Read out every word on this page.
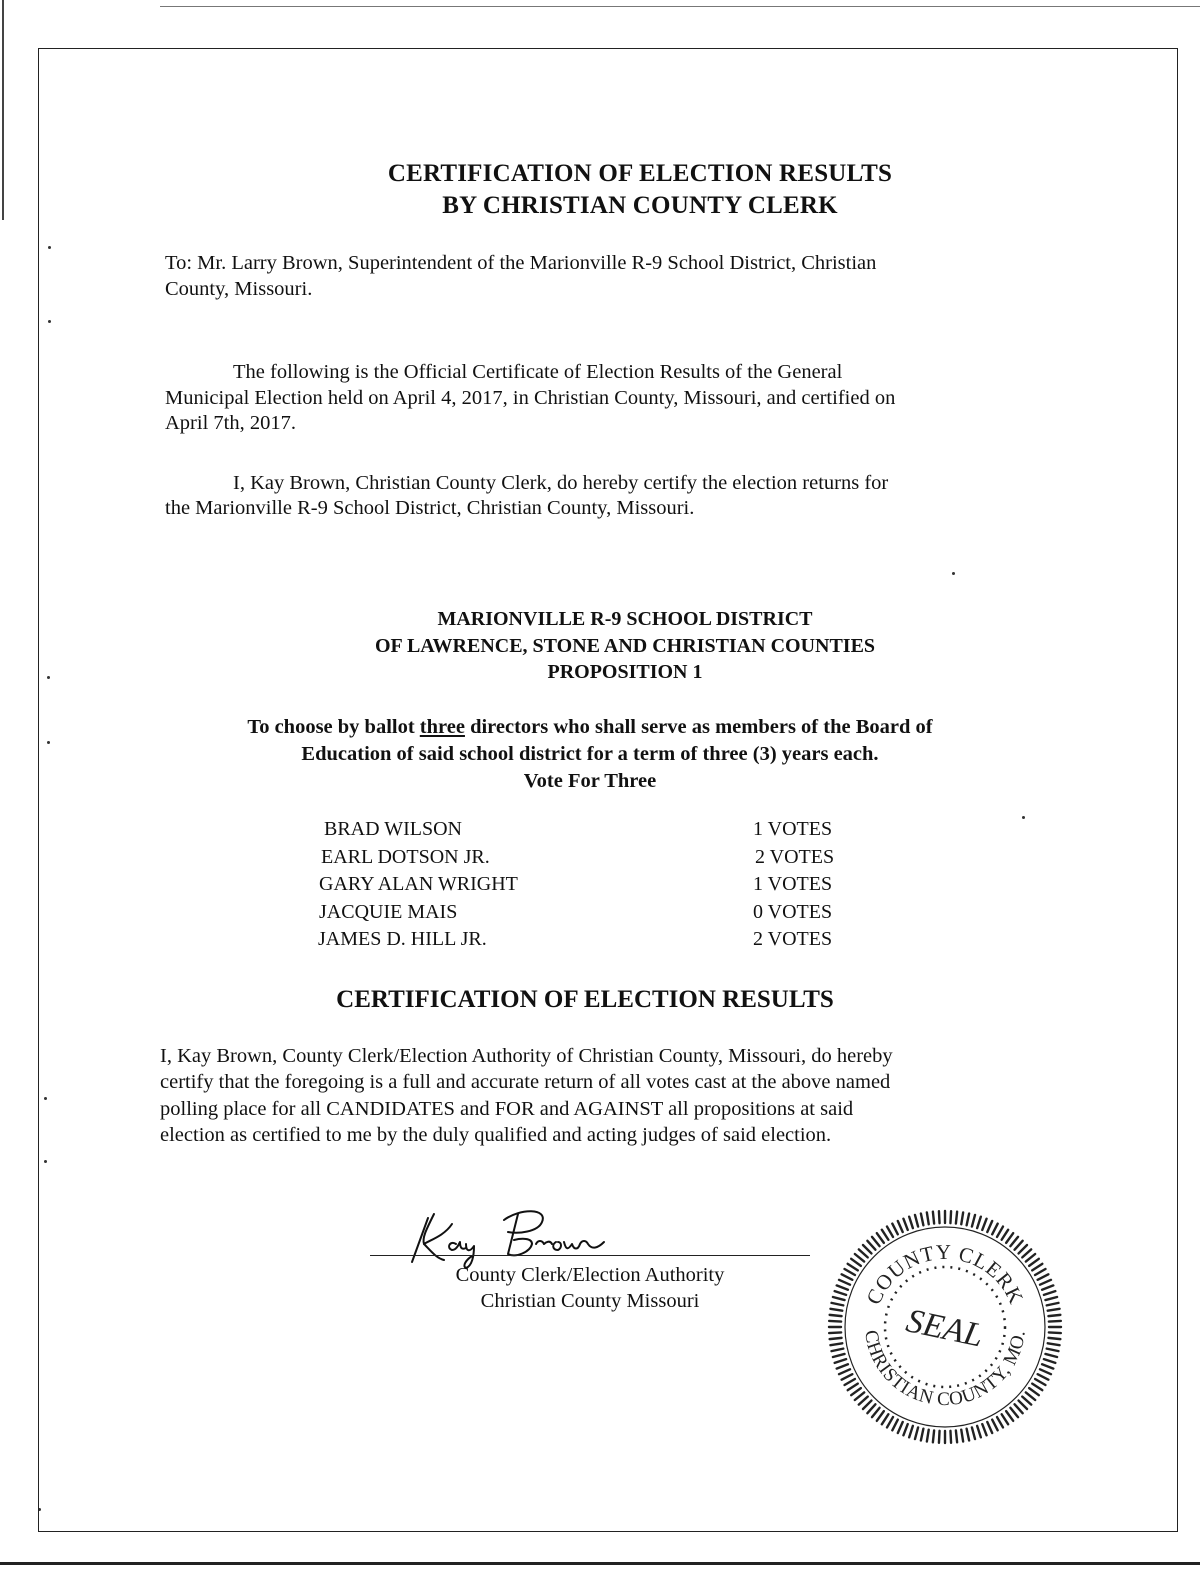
CERTIFICATION OF ELECTION RESULTS
BY CHRISTIAN COUNTY CLERK

To: Mr. Larry Brown, Superintendent of the Marionville R-9 School District, Christian

County, Missouri.

The following is the Official Certificate of Election Results of the General

Municipal Election held on April 4, 2017, in Christian County, Missouri, and certified on

April 7th, 2017.

I, Kay Brown, Christian County Clerk, do hereby certify the election returns for

the Marionville R-9 School District, Christian County, Missouri.

MARIONVILLE R-9 SCHOOL DISTRICT
OF LAWRENCE, STONE AND CHRISTIAN COUNTIES
PROPOSITION 1
To choose by ballot three directors who shall serve as members of the Board of
Education of said school district for a term of three (3) years each.
Vote For Three
BRAD WILSON	1 VOTES
EARL DOTSON JR.	2 VOTES
GARY ALAN WRIGHT	1 VOTES
JACQUIE MAIS	0 VOTES
JAMES D. HILL JR.	2 VOTES
CERTIFICATION OF ELECTION RESULTS

I, Kay Brown, County Clerk/Election Authority of Christian County, Missouri, do hereby

certify that the foregoing is a full and accurate return of all votes cast at the above named

polling place for all CANDIDATES and FOR and AGAINST all propositions at said

election as certified to me by the duly qualified and acting judges of said election.

County Clerk/Election Authority
Christian County Missouri	COUNTY CLERK
CHRISTIAN COUNTY, MO.
SEAL
